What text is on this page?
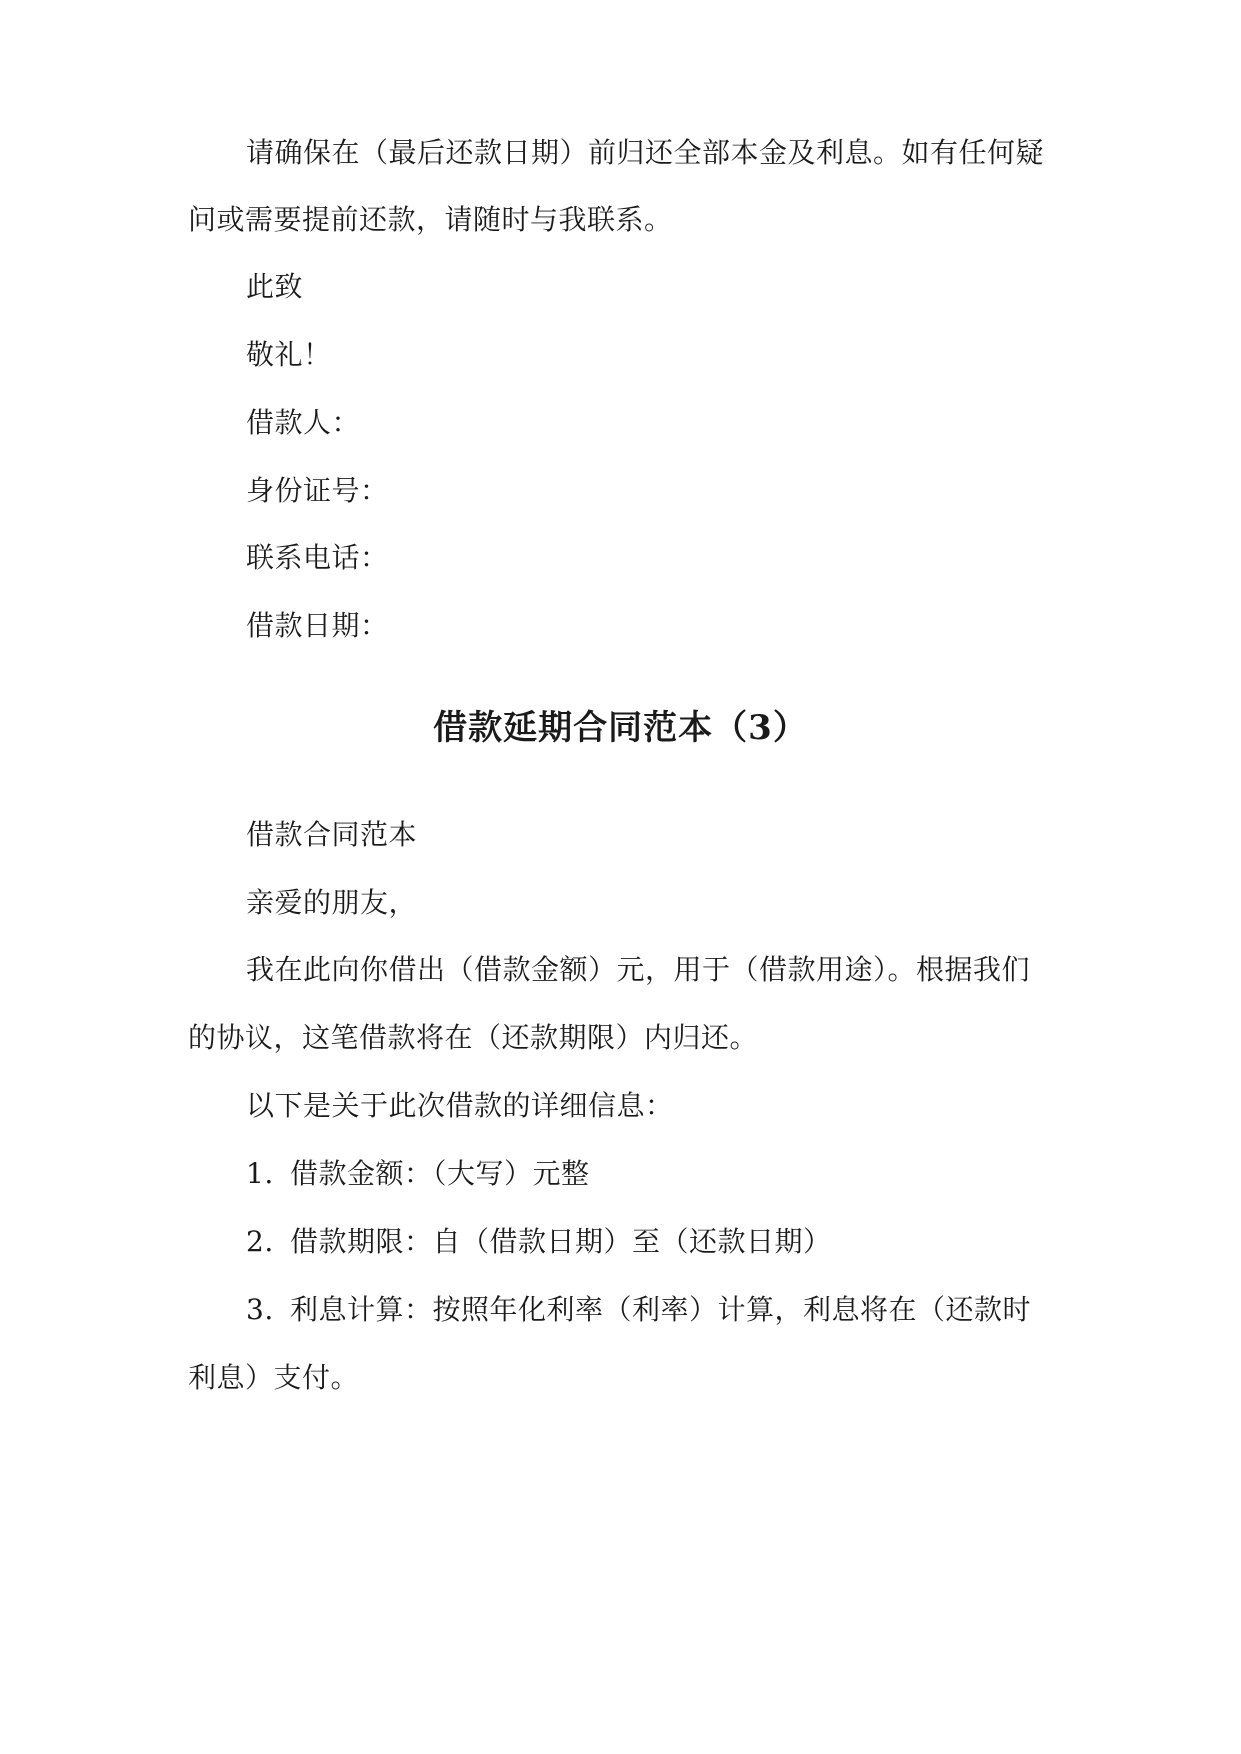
请确保在（最后还款日期）前归还全部本金及利息。如有任何疑
问或需要提前还款，请随时与我联系。
此致
敬礼！
借款人：
身份证号：
联系电话：
借款日期：
借款延期合同范本（3）
借款合同范本
亲爱的朋友，
我在此向你借出（借款金额）元，用于（借款用途）。根据我们
的协议，这笔借款将在（还款期限）内归还。
以下是关于此次借款的详细信息：
1. 借款金额：（大写）元整
2. 借款期限：自（借款日期）至（还款日期）
3. 利息计算：按照年化利率（利率）计算，利息将在（还款时
利息）支付。
